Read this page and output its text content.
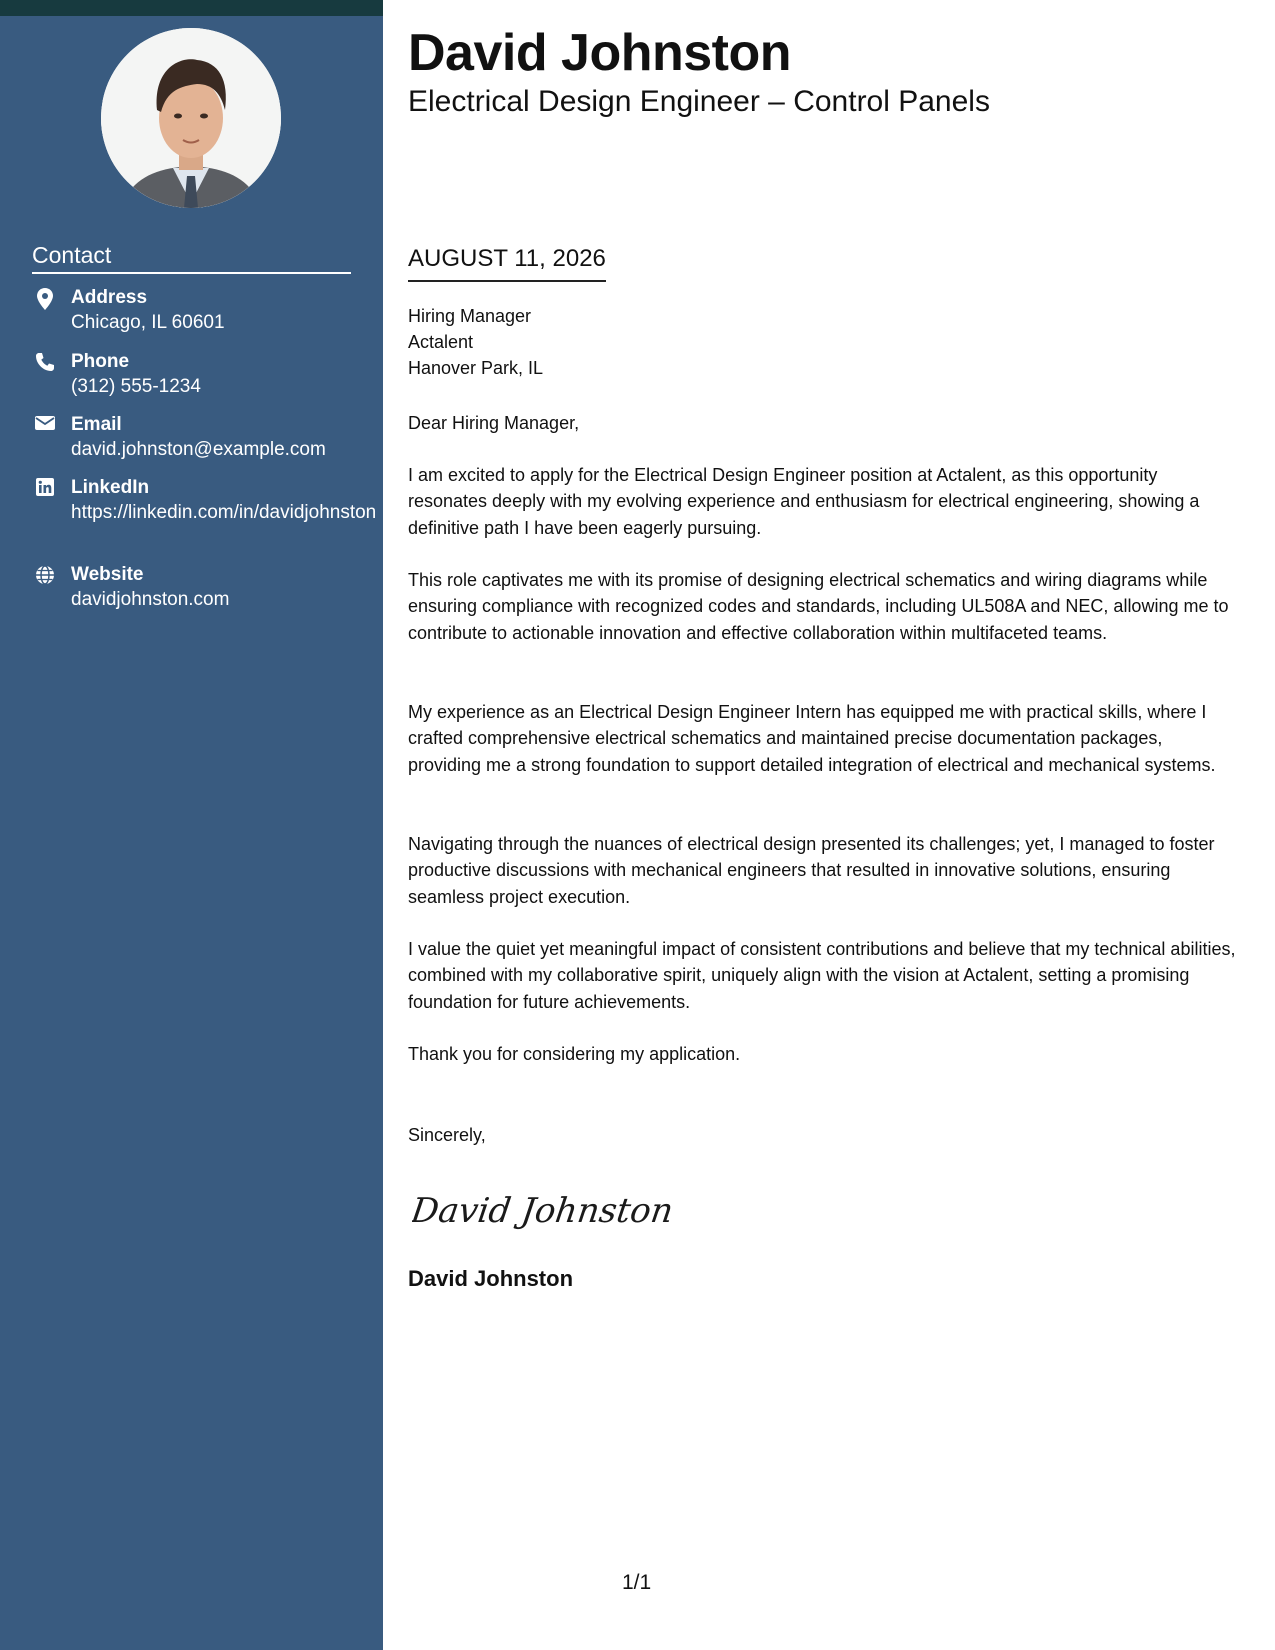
Contact
Address
Chicago, IL 60601
Phone
(312) 555-1234
Email
david.johnston@example.com
LinkedIn
https://linkedin.com/in/davidjohnston
Website
davidjohnston.com
David Johnston
Electrical Design Engineer – Control Panels
AUGUST 11, 2026
Hiring Manager
Actalent
Hanover Park, IL
Dear Hiring Manager,
I am excited to apply for the Electrical Design Engineer position at Actalent, as this opportunity resonates deeply with my evolving experience and enthusiasm for electrical engineering, showing a definitive path I have been eagerly pursuing.
This role captivates me with its promise of designing electrical schematics and wiring diagrams while ensuring compliance with recognized codes and standards, including UL508A and NEC, allowing me to contribute to actionable innovation and effective collaboration within multifaceted teams.
My experience as an Electrical Design Engineer Intern has equipped me with practical skills, where I crafted comprehensive electrical schematics and maintained precise documentation packages, providing me a strong foundation to support detailed integration of electrical and mechanical systems.
Navigating through the nuances of electrical design presented its challenges; yet, I managed to foster productive discussions with mechanical engineers that resulted in innovative solutions, ensuring seamless project execution.
I value the quiet yet meaningful impact of consistent contributions and believe that my technical abilities, combined with my collaborative spirit, uniquely align with the vision at Actalent, setting a promising foundation for future achievements.
Thank you for considering my application.
Sincerely,
David Johnston
David Johnston
1/1
